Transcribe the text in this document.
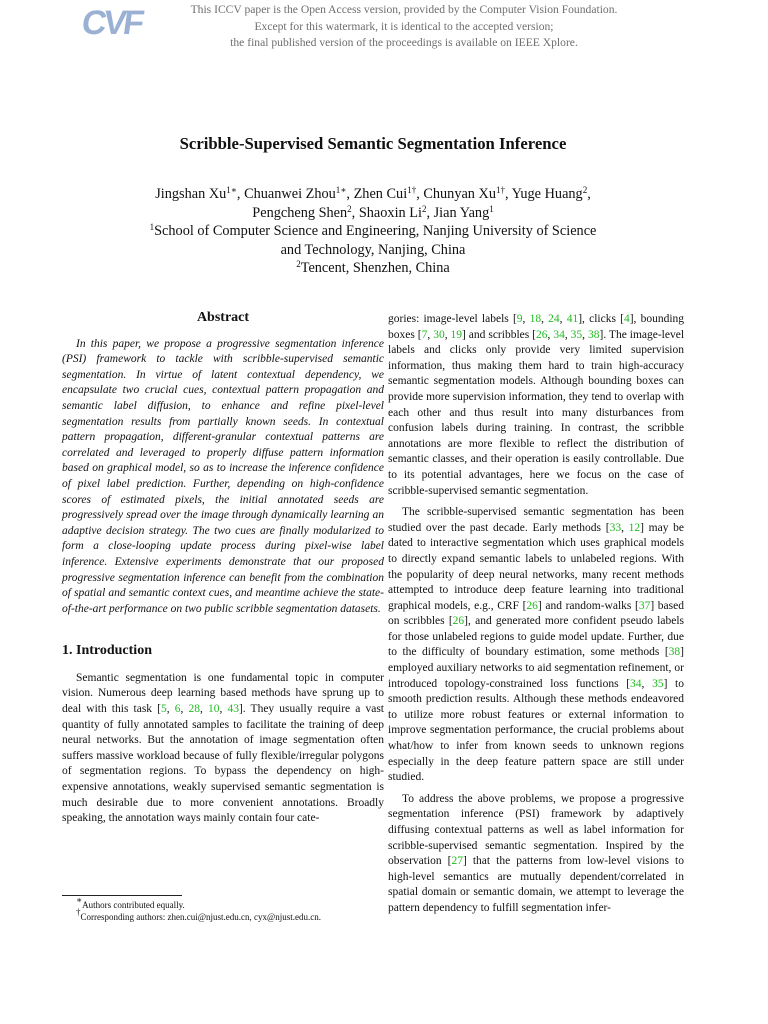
CVF	This ICCV paper is the Open Access version, provided by the Computer Vision Foundation.
Except for this watermark, it is identical to the accepted version;
the final published version of the proceedings is available on IEEE Xplore.
Scribble-Supervised Semantic Segmentation Inference
Jingshan $Xu^{1∗}$, Chuanwei Zhou$^{1∗}$, Zhen Cui$^{1\dagger}$, Chunyan $Xu^{1\dagger}$, Yuge Huang$^2$,
Pengcheng Shen$^2$, Shaoxin Li$^2$, Jian Yang$^1$
$^1$School of Computer Science and Engineering, Nanjing University of Science
and Technology, Nanjing, China
$^2$Tencent, Shenzhen, China
Abstract

In this paper, we propose a progressive segmentation inference (PSI) framework to tackle with scribble-supervised semantic segmentation. In virtue of latent contextual dependency, we encapsulate two crucial cues, contextual pattern propagation and semantic label diffusion, to enhance and refine pixel-level segmentation results from partially known seeds. In contextual pattern propagation, different-granular contextual patterns are correlated and leveraged to properly diffuse pattern information based on graphical model, so as to increase the inference confidence of pixel label prediction. Further, depending on high-confidence scores of estimated pixels, the initial annotated seeds are progressively spread over the image through dynamically learning an adaptive decision strategy. The two cues are finally modularized to form a close-looping update process during pixel-wise label inference. Extensive experiments demonstrate that our proposed progressive segmentation inference can benefit from the combination of spatial and semantic context cues, and meantime achieve the state-of-the-art performance on two public scribble segmentation datasets.

1. Introduction

Semantic segmentation is one fundamental topic in computer vision. Numerous deep learning based methods have sprung up to deal with this task [5, 6, 28, 10, 43]. They usually require a vast quantity of fully annotated samples to facilitate the training of deep neural networks. But the annotation of image segmentation often suffers massive workload because of fully flexible/irregular polygons of segmentation regions. To bypass the dependency on high-expensive annotations, weakly supervised semantic segmentation is much desirable due to more convenient annotations. Broadly speaking, the annotation ways mainly contain four cate-

gories: image-level labels [9, 18, 24, 41], clicks [4], bounding boxes [7, 30, 19] and scribbles [26, 34, 35, 38]. The image-level labels and clicks only provide very limited supervision information, thus making them hard to train high-accuracy semantic segmentation models. Although bounding boxes can provide more supervision information, they tend to overlap with each other and thus result into many disturbances from confusion labels during training. In contrast, the scribble annotations are more flexible to reflect the distribution of semantic classes, and their operation is easily controllable. Due to its potential advantages, here we focus on the case of scribble-supervised semantic segmentation.

The scribble-supervised semantic segmentation has been studied over the past decade. Early methods [33, 12] may be dated to interactive segmentation which uses graphical models to directly expand semantic labels to unlabeled regions. With the popularity of deep neural networks, many recent methods attempted to introduce deep feature learning into traditional graphical models, e.g., CRF [26] and random-walks [37] based on scribbles [26], and generated more confident pseudo labels for those unlabeled regions to guide model update. Further, due to the difficulty of boundary estimation, some methods [38] employed auxiliary networks to aid segmentation refinement, or introduced topology-constrained loss functions [34, 35] to smooth prediction results. Although these methods endeavored to utilize more robust features or external information to improve segmentation performance, the crucial problems about what/how to infer from known seeds to unknown regions especially in the deep feature pattern space are still under studied.

To address the above problems, we propose a progressive segmentation inference (PSI) framework by adaptively diffusing contextual patterns as well as label information for scribble-supervised semantic segmentation. Inspired by the observation [27] that the patterns from low-level visions to high-level semantics are mutually dependent/correlated in spatial domain or semantic domain, we attempt to leverage the pattern dependency to fulfill segmentation infer-

∗Authors contributed equally.
†Corresponding authors: zhen.cui@njust.edu.cn, cyx@njust.edu.cn.
